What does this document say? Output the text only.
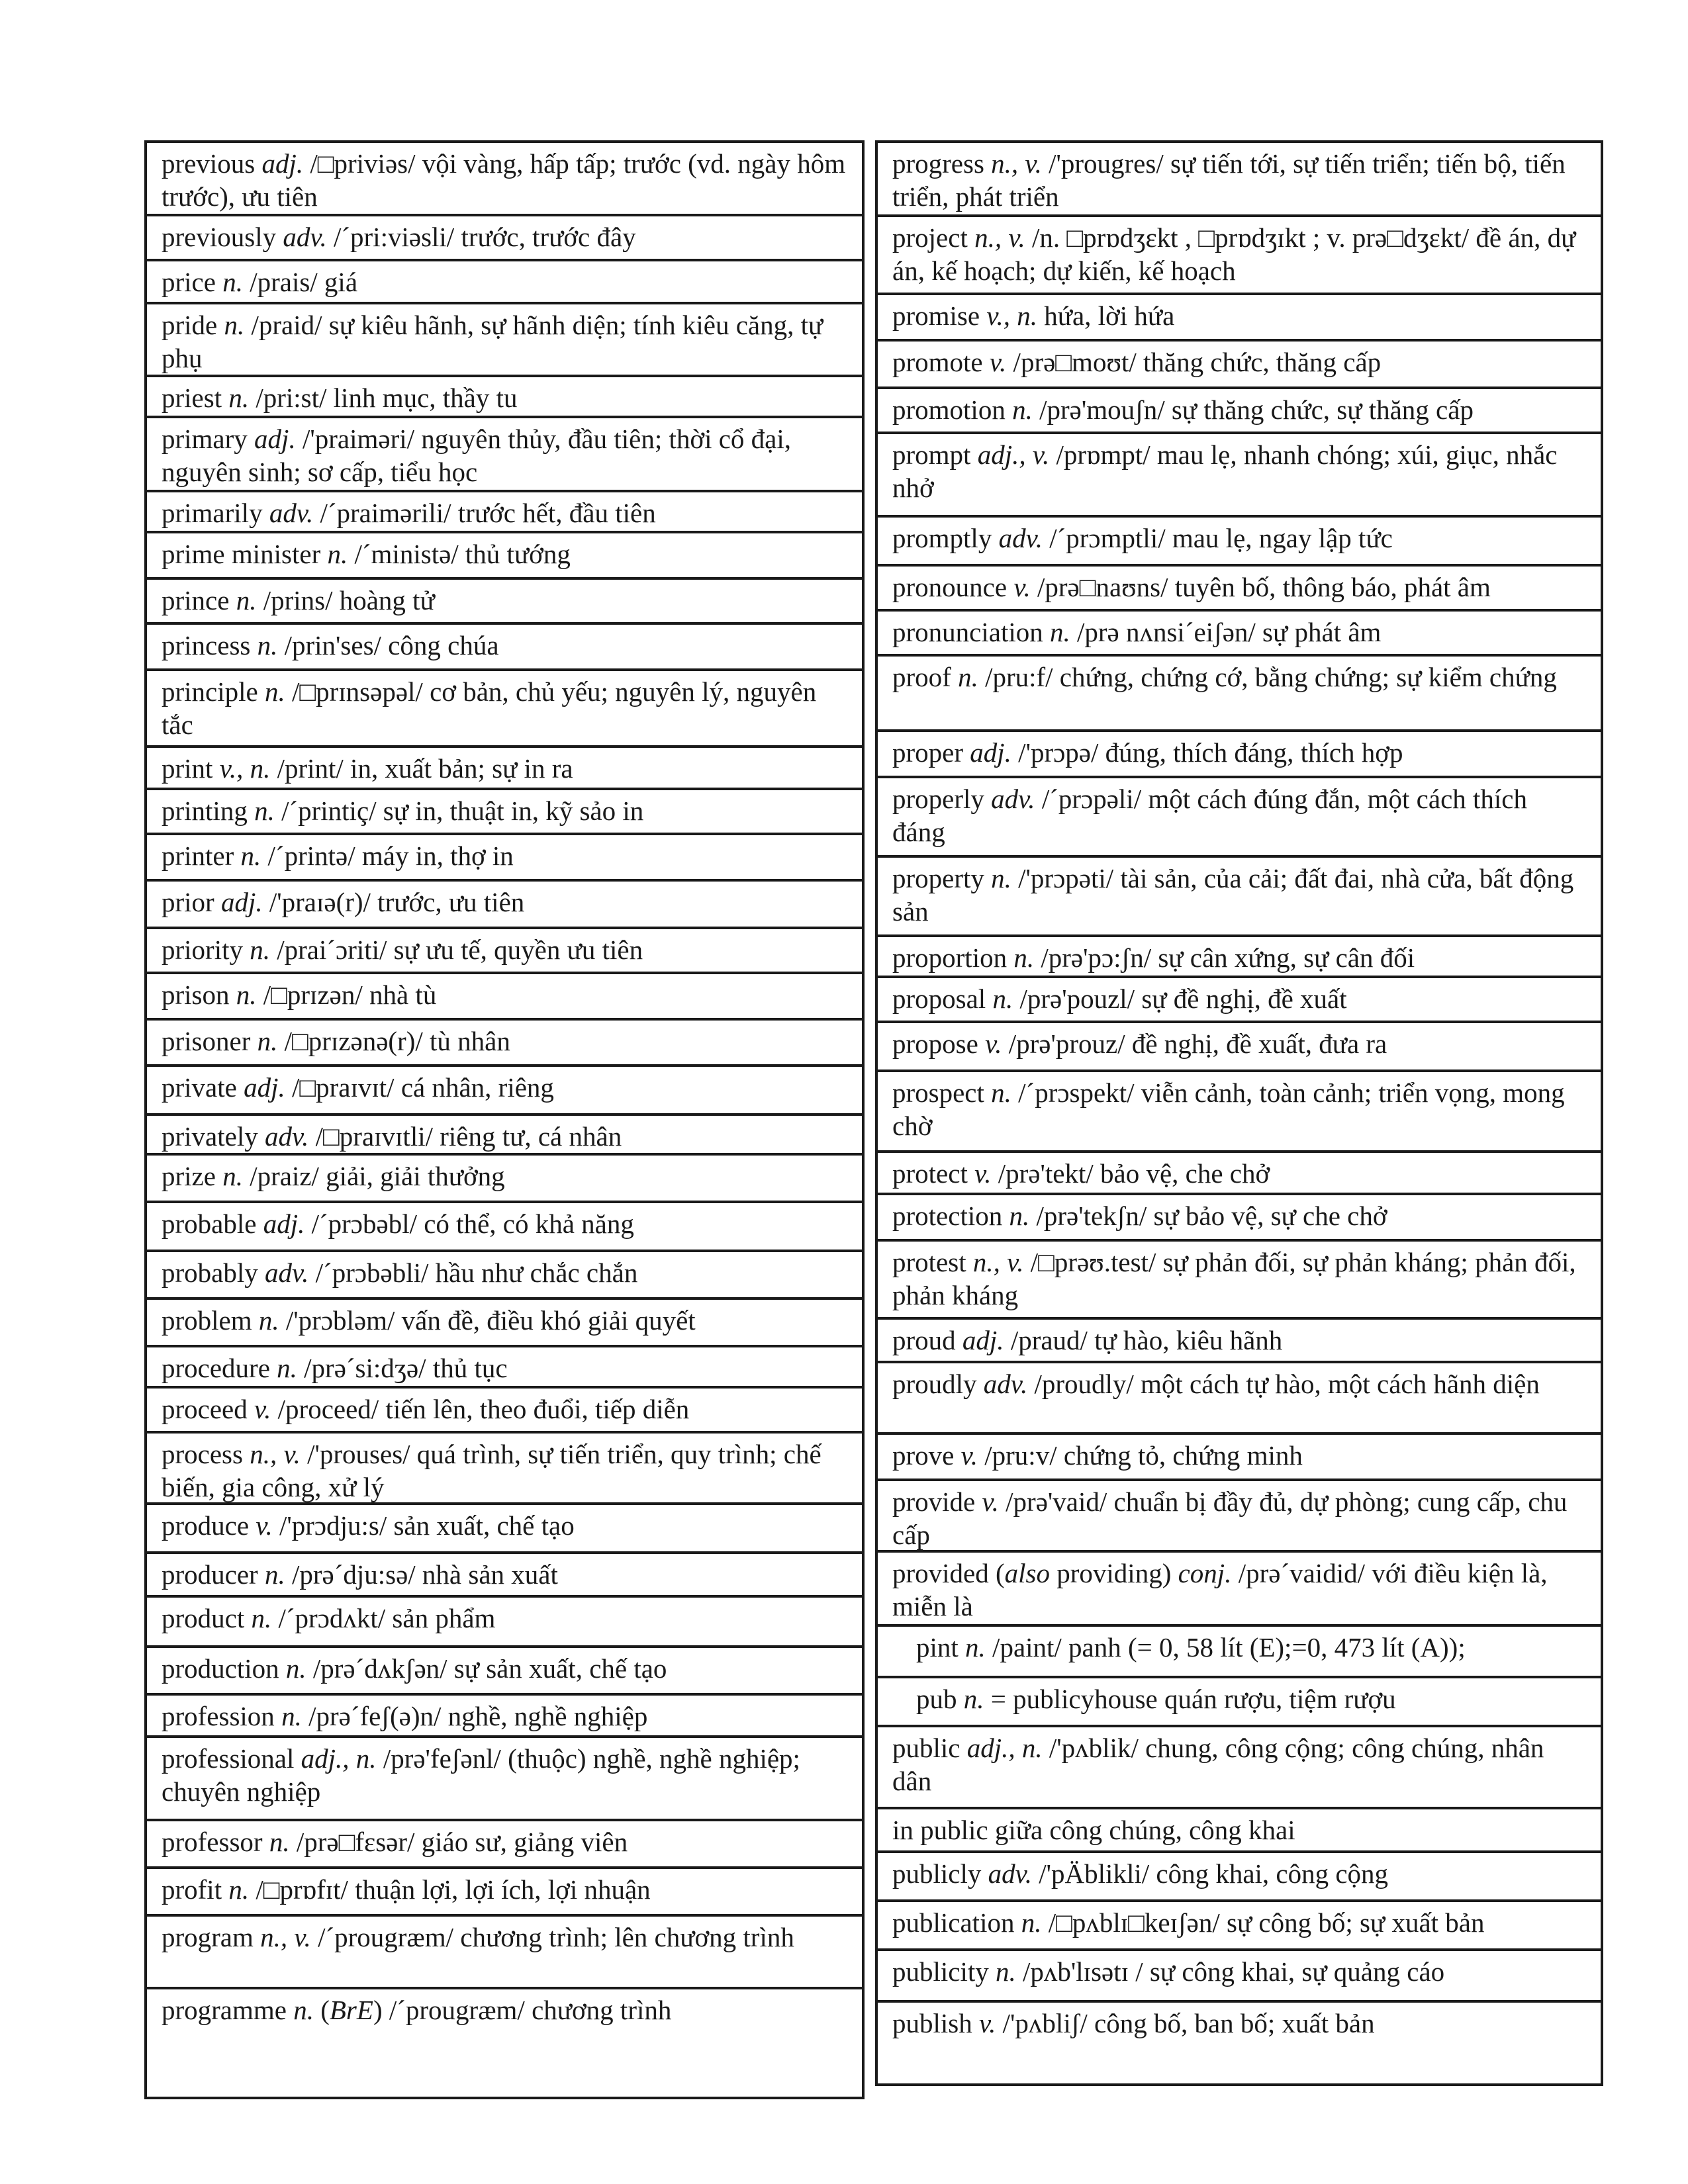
previous adj. /□priviəs/ vội vàng, hấp tấp; trước (vd. ngày hôm trước), ưu tiên
previously adv. /´pri:viəsli/ trước, trước đây
price n. /prais/ giá
pride n. /praid/ sự kiêu hãnh, sự hãnh diện; tính kiêu căng, tự phụ
priest n. /pri:st/ linh mục, thầy tu
primary adj. /'praiməri/ nguyên thủy, đầu tiên; thời cổ đại, nguyên sinh; sơ cấp, tiểu học
primarily adv. /´praimərili/ trước hết, đầu tiên
prime minister n. /´ministə/ thủ tướng
prince n. /prins/ hoàng tử
princess n. /prin'ses/ công chúa
principle n. /□prɪnsəpəl/ cơ bản, chủ yếu; nguyên lý, nguyên tắc
print v., n. /print/ in, xuất bản; sự in ra
printing n. /´printiç/ sự in, thuật in, kỹ sảo in
printer n. /´printə/ máy in, thợ in
prior adj. /'praɪə(r)/ trước, ưu tiên
priority n. /prai´ɔriti/ sự ưu tế, quyền ưu tiên
prison n. /□prɪzən/ nhà tù
prisoner n. /□prɪzənə(r)/ tù nhân
private adj. /□praɪvɪt/ cá nhân, riêng
privately adv. /□praɪvɪtli/ riêng tư, cá nhân
prize n. /praiz/ giải, giải thưởng
probable adj. /´prɔbəbl/ có thể, có khả năng
probably adv. /´prɔbəbli/ hầu như chắc chắn
problem n. /'prɔbləm/ vấn đề, điều khó giải quyết
procedure n. /prə´si:dʒə/ thủ tục
proceed v. /proceed/ tiến lên, theo đuổi, tiếp diễn
process n., v. /'prouses/ quá trình, sự tiến triển, quy trình; chế biến, gia công, xử lý
produce v. /'prɔdju:s/ sản xuất, chế tạo
producer n. /prə´dju:sə/ nhà sản xuất
product n. /´prɔdʌkt/ sản phẩm
production n. /prə´dʌkʃən/ sự sản xuất, chế tạo
profession n. /prə´feʃ(ə)n/ nghề, nghề nghiệp
professional adj., n. /prə'feʃənl/ (thuộc) nghề, nghề nghiệp; chuyên nghiệp
professor n. /prə□fɛsər/ giáo sư, giảng viên
profit n. /□prɒfɪt/ thuận lợi, lợi ích, lợi nhuận
program n., v. /´prougræm/ chương trình; lên chương trình
programme n. (BrE) /´prougræm/ chương trình
progress n., v. /'prougres/ sự tiến tới, sự tiến triển; tiến bộ, tiến triển, phát triển
project n., v. /n. □prɒdʒɛkt , □prɒdʒɪkt ; v. prə□dʒɛkt/ đề án, dự án, kế hoạch; dự kiến, kế hoạch
promise v., n. hứa, lời hứa
promote v. /prə□moʊt/ thăng chức, thăng cấp
promotion n. /prə'mouʃn/ sự thăng chức, sự thăng cấp
prompt adj., v. /prɒmpt/ mau lẹ, nhanh chóng; xúi, giục, nhắc nhở
promptly adv. /´prɔmptli/ mau lẹ, ngay lập tức
pronounce v. /prə□naʊns/ tuyên bố, thông báo, phát âm
pronunciation n. /prə nʌnsi´eiʃən/ sự phát âm
proof n. /pru:f/ chứng, chứng cớ, bằng chứng; sự kiểm chứng
proper adj. /'prɔpə/ đúng, thích đáng, thích hợp
properly adv. /´prɔpəli/ một cách đúng đắn, một cách thích đáng
property n. /'prɔpəti/ tài sản, của cải; đất đai, nhà cửa, bất động sản
proportion n. /prə'pɔ:ʃn/ sự cân xứng, sự cân đối
proposal n. /prə'pouzl/ sự đề nghị, đề xuất
propose v. /prə'prouz/ đề nghị, đề xuất, đưa ra
prospect n. /´prɔspekt/ viễn cảnh, toàn cảnh; triển vọng, mong chờ
protect v. /prə'tekt/ bảo vệ, che chở
protection n. /prə'tekʃn/ sự bảo vệ, sự che chở
protest n., v. /□prəʊ.test/ sự phản đối, sự phản kháng; phản đối, phản kháng
proud adj. /praud/ tự hào, kiêu hãnh
proudly adv. /proudly/ một cách tự hào, một cách hãnh diện
prove v. /pru:v/ chứng tỏ, chứng minh
provide v. /prə'vaid/ chuẩn bị đầy đủ, dự phòng; cung cấp, chu cấp
provided (also providing) conj. /prə´vaidid/ với điều kiện là, miễn là
pint n. /paint/ panh (= 0, 58 lít (E);=0, 473 lít (A));
pub n. = publicyhouse quán rượu, tiệm rượu
public adj., n. /'pʌblik/ chung, công cộng; công chúng, nhân dân
in public giữa công chúng, công khai
publicly adv. /'pÄblikli/ công khai, công cộng
publication n. /□pʌblɪ□keɪʃən/ sự công bố; sự xuất bản
publicity n. /pʌb'lɪsətɪ / sự công khai, sự quảng cáo
publish v. /'pʌbliʃ/ công bố, ban bố; xuất bản
